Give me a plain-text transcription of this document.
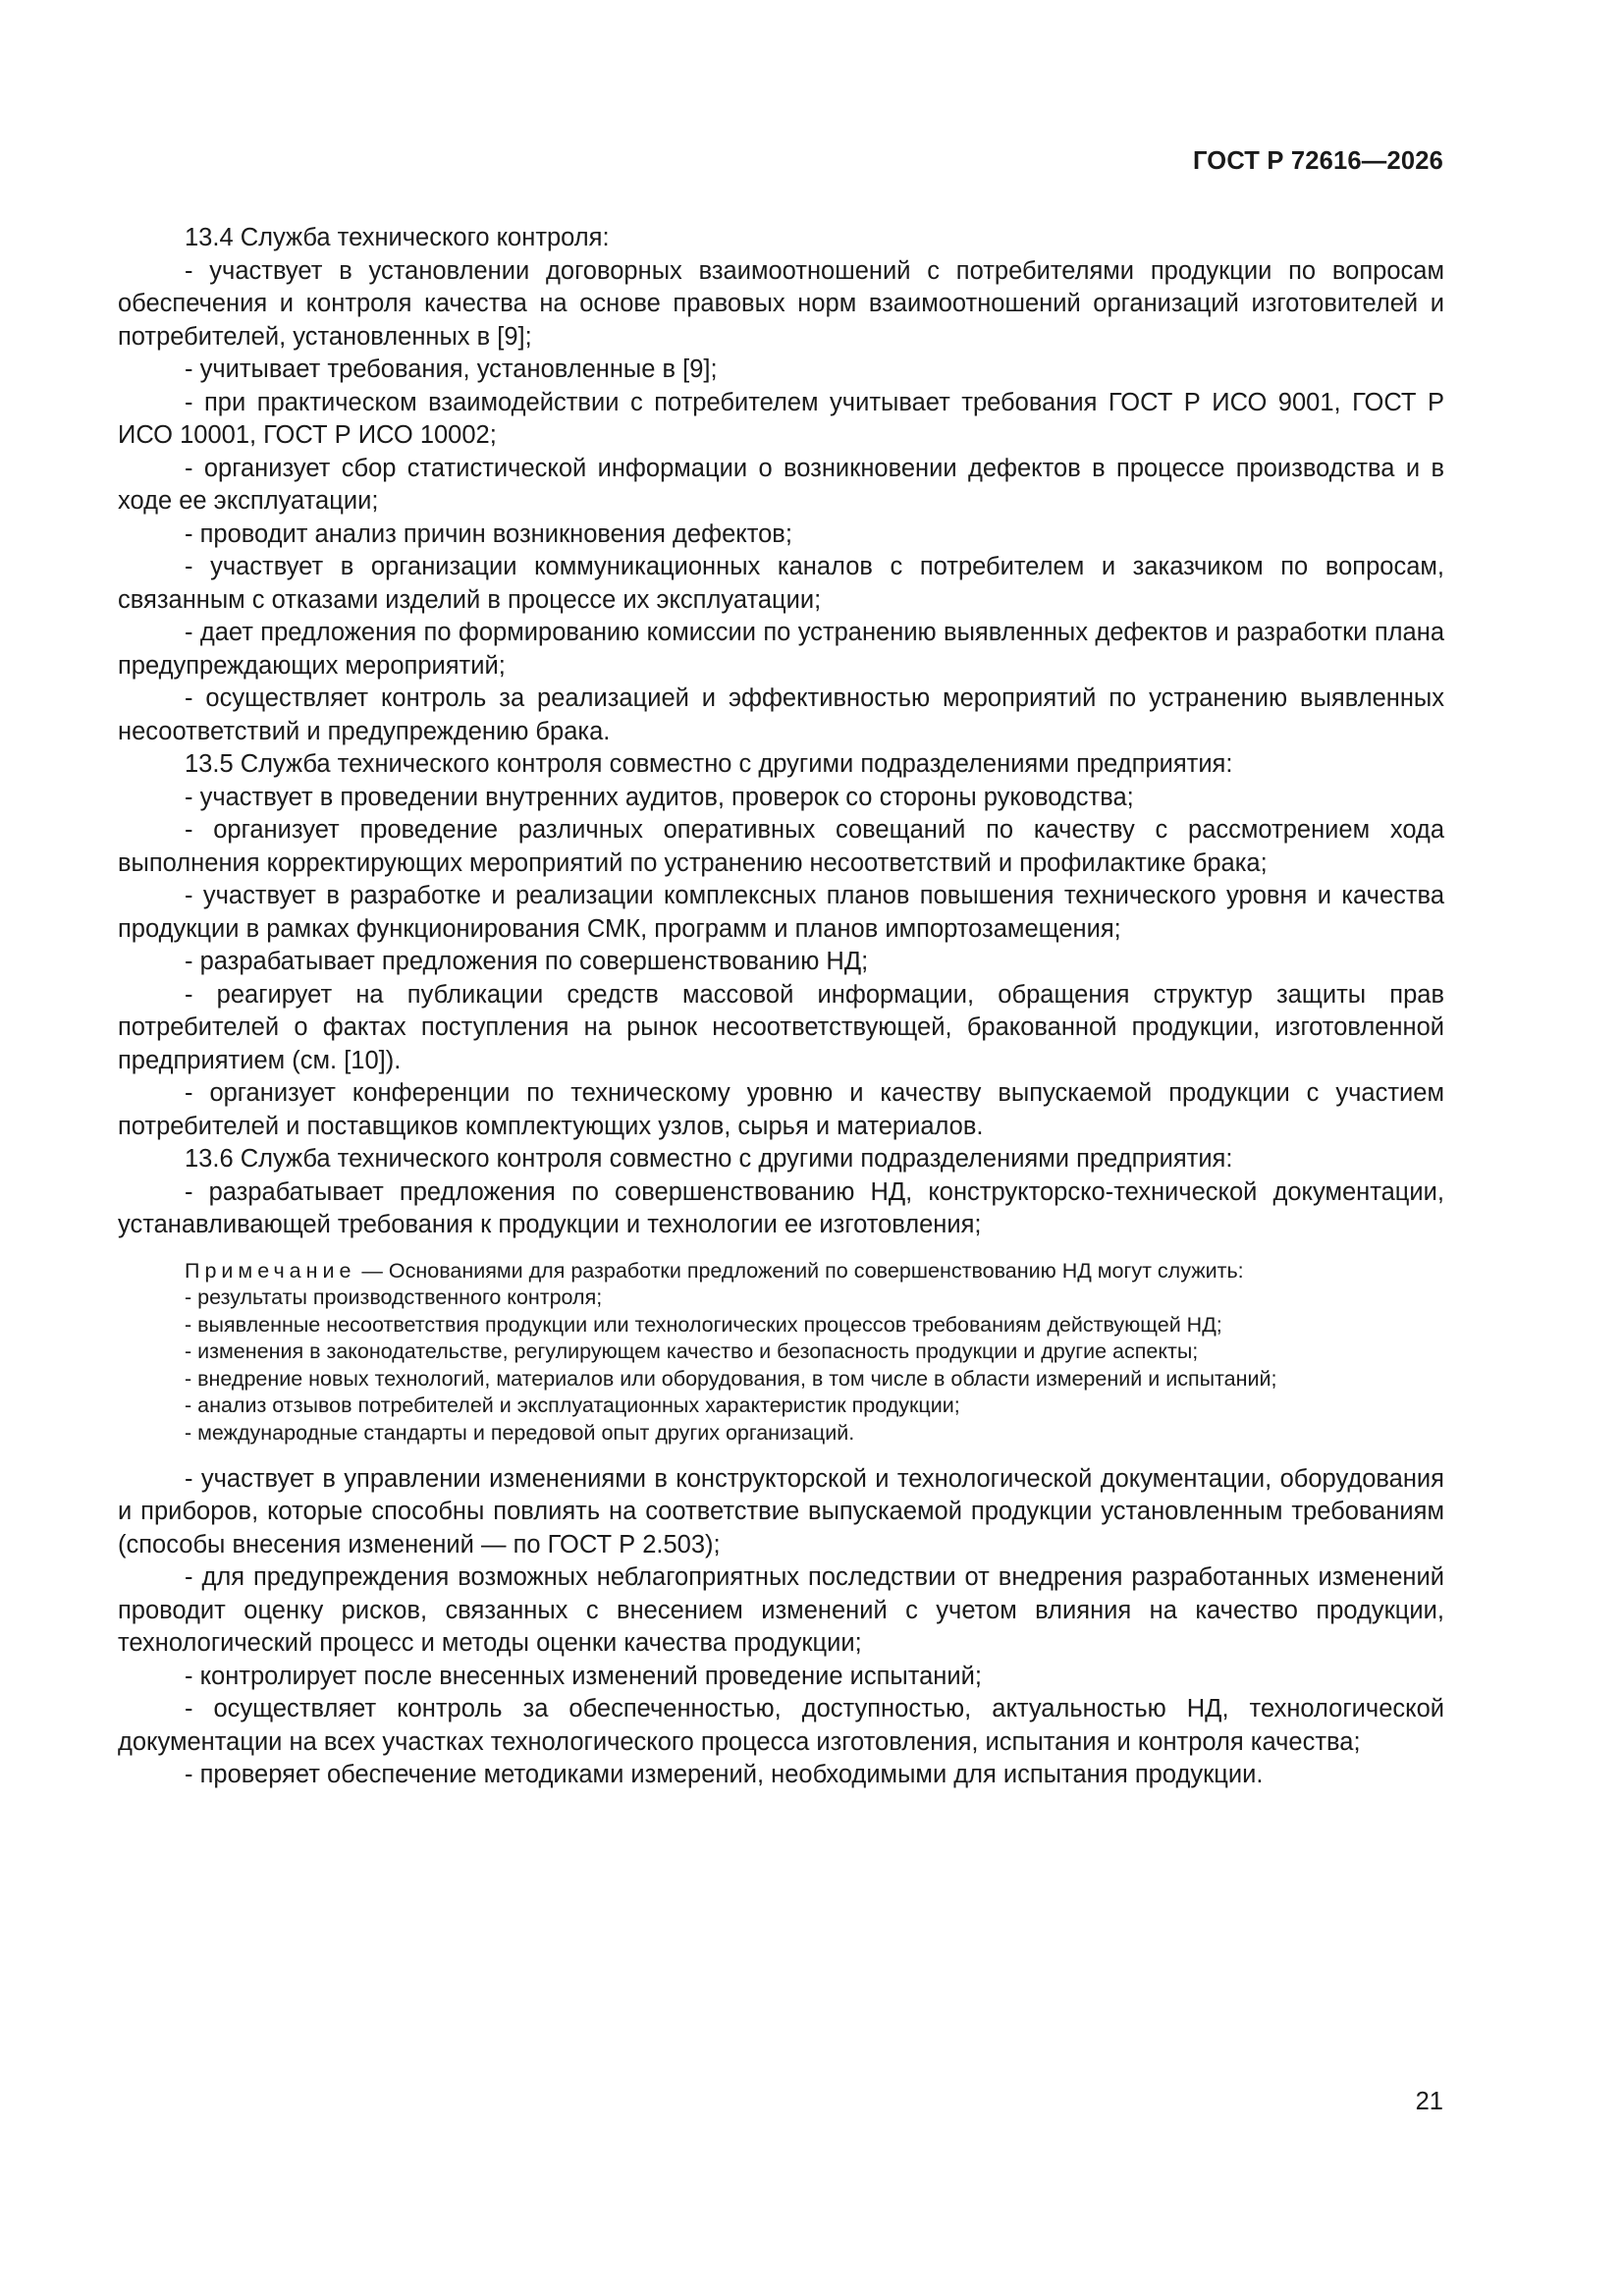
ГОСТ Р 72616—2026

13.4 Служба технического контроля:

- участвует в установлении договорных взаимоотношений с потребителями продукции по вопросам обеспечения и контроля качества на основе правовых норм взаимоотношений организаций изготовителей и потребителей, установленных в [9];

- учитывает требования, установленные в [9];

- при практическом взаимодействии с потребителем учитывает требования ГОСТ Р ИСО 9001, ГОСТ Р ИСО 10001, ГОСТ Р ИСО 10002;

- организует сбор статистической информации о возникновении дефектов в процессе производства и в ходе ее эксплуатации;

- проводит анализ причин возникновения дефектов;

- участвует в организации коммуникационных каналов с потребителем и заказчиком по вопросам, связанным с отказами изделий в процессе их эксплуатации;

- дает предложения по формированию комиссии по устранению выявленных дефектов и разработки плана предупреждающих мероприятий;

- осуществляет контроль за реализацией и эффективностью мероприятий по устранению выявленных несоответствий и предупреждению брака.

13.5 Служба технического контроля совместно с другими подразделениями предприятия:

- участвует в проведении внутренних аудитов, проверок со стороны руководства;

- организует проведение различных оперативных совещаний по качеству с рассмотрением хода выполнения корректирующих мероприятий по устранению несоответствий и профилактике брака;

- участвует в разработке и реализации комплексных планов повышения технического уровня и качества продукции в рамках функционирования СМК, программ и планов импортозамещения;

- разрабатывает предложения по совершенствованию НД;

- реагирует на публикации средств массовой информации, обращения структур защиты прав потребителей о фактах поступления на рынок несоответствующей, бракованной продукции, изготовленной предприятием (см. [10]).

- организует конференции по техническому уровню и качеству выпускаемой продукции с участием потребителей и поставщиков комплектующих узлов, сырья и материалов.

13.6 Служба технического контроля совместно с другими подразделениями предприятия:

- разрабатывает предложения по совершенствованию НД, конструкторско-технической документации, устанавливающей требования к продукции и технологии ее изготовления;

Примечание — Основаниями для разработки предложений по совершенствованию НД могут служить:

- результаты производственного контроля;

- выявленные несоответствия продукции или технологических процессов требованиям действующей НД;

- изменения в законодательстве, регулирующем качество и безопасность продукции и другие аспекты;

- внедрение новых технологий, материалов или оборудования, в том числе в области измерений и испытаний;

- анализ отзывов потребителей и эксплуатационных характеристик продукции;

- международные стандарты и передовой опыт других организаций.

- участвует в управлении изменениями в конструкторской и технологической документации, оборудования и приборов, которые способны повлиять на соответствие выпускаемой продукции установленным требованиям (способы внесения изменений — по ГОСТ Р 2.503);

- для предупреждения возможных неблагоприятных последствии от внедрения разработанных изменений проводит оценку рисков, связанных с внесением изменений с учетом влияния на качество продукции, технологический процесс и методы оценки качества продукции;

- контролирует после внесенных изменений проведение испытаний;

- осуществляет контроль за обеспеченностью, доступностью, актуальностью НД, технологической документации на всех участках технологического процесса изготовления, испытания и контроля качества;

- проверяет обеспечение методиками измерений, необходимыми для испытания продукции.

21
